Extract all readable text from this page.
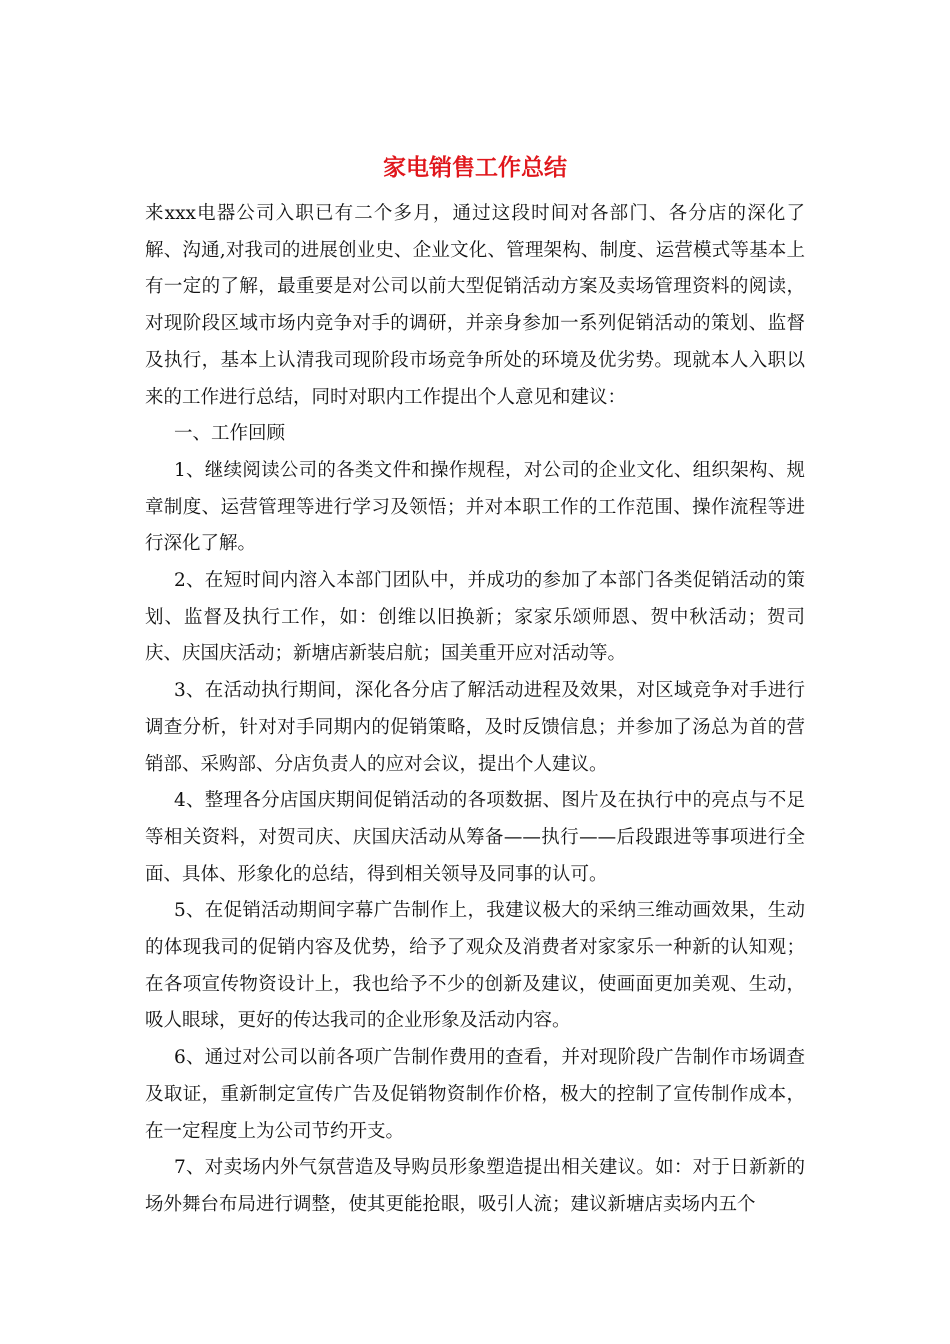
家电销售工作总结

来xxx电器公司入职已有二个多月，通过这段时间对各部门、各分店的深化了解、沟通,对我司的进展创业史、企业文化、管理架构、制度、运营模式等基本上有一定的了解，最重要是对公司以前大型促销活动方案及卖场管理资料的阅读，对现阶段区域市场内竞争对手的调研，并亲身参加一系列促销活动的策划、监督及执行，基本上认清我司现阶段市场竞争所处的环境及优劣势。现就本人入职以来的工作进行总结，同时对职内工作提出个人意见和建议：

一、工作回顾

1、继续阅读公司的各类文件和操作规程，对公司的企业文化、组织架构、规章制度、运营管理等进行学习及领悟；并对本职工作的工作范围、操作流程等进行深化了解。

2、在短时间内溶入本部门团队中，并成功的参加了本部门各类促销活动的策划、监督及执行工作，如：创维以旧换新；家家乐颂师恩、贺中秋活动；贺司庆、庆国庆活动；新塘店新装启航；国美重开应对活动等。

3、在活动执行期间，深化各分店了解活动进程及效果，对区域竞争对手进行调查分析，针对对手同期内的促销策略，及时反馈信息；并参加了汤总为首的营销部、采购部、分店负责人的应对会议，提出个人建议。

4、整理各分店国庆期间促销活动的各项数据、图片及在执行中的亮点与不足等相关资料，对贺司庆、庆国庆活动从筹备——执行——后段跟进等事项进行全面、具体、形象化的总结，得到相关领导及同事的认可。

5、在促销活动期间字幕广告制作上，我建议极大的采纳三维动画效果，生动的体现我司的促销内容及优势，给予了观众及消费者对家家乐一种新的认知观；在各项宣传物资设计上，我也给予不少的创新及建议，使画面更加美观、生动，吸人眼球，更好的传达我司的企业形象及活动内容。

6、通过对公司以前各项广告制作费用的查看，并对现阶段广告制作市场调查及取证，重新制定宣传广告及促销物资制作价格，极大的控制了宣传制作成本，在一定程度上为公司节约开支。

7、对卖场内外气氛营造及导购员形象塑造提出相关建议。如：对于日新新的场外舞台布局进行调整，使其更能抢眼，吸引人流；建议新塘店卖场内五个
